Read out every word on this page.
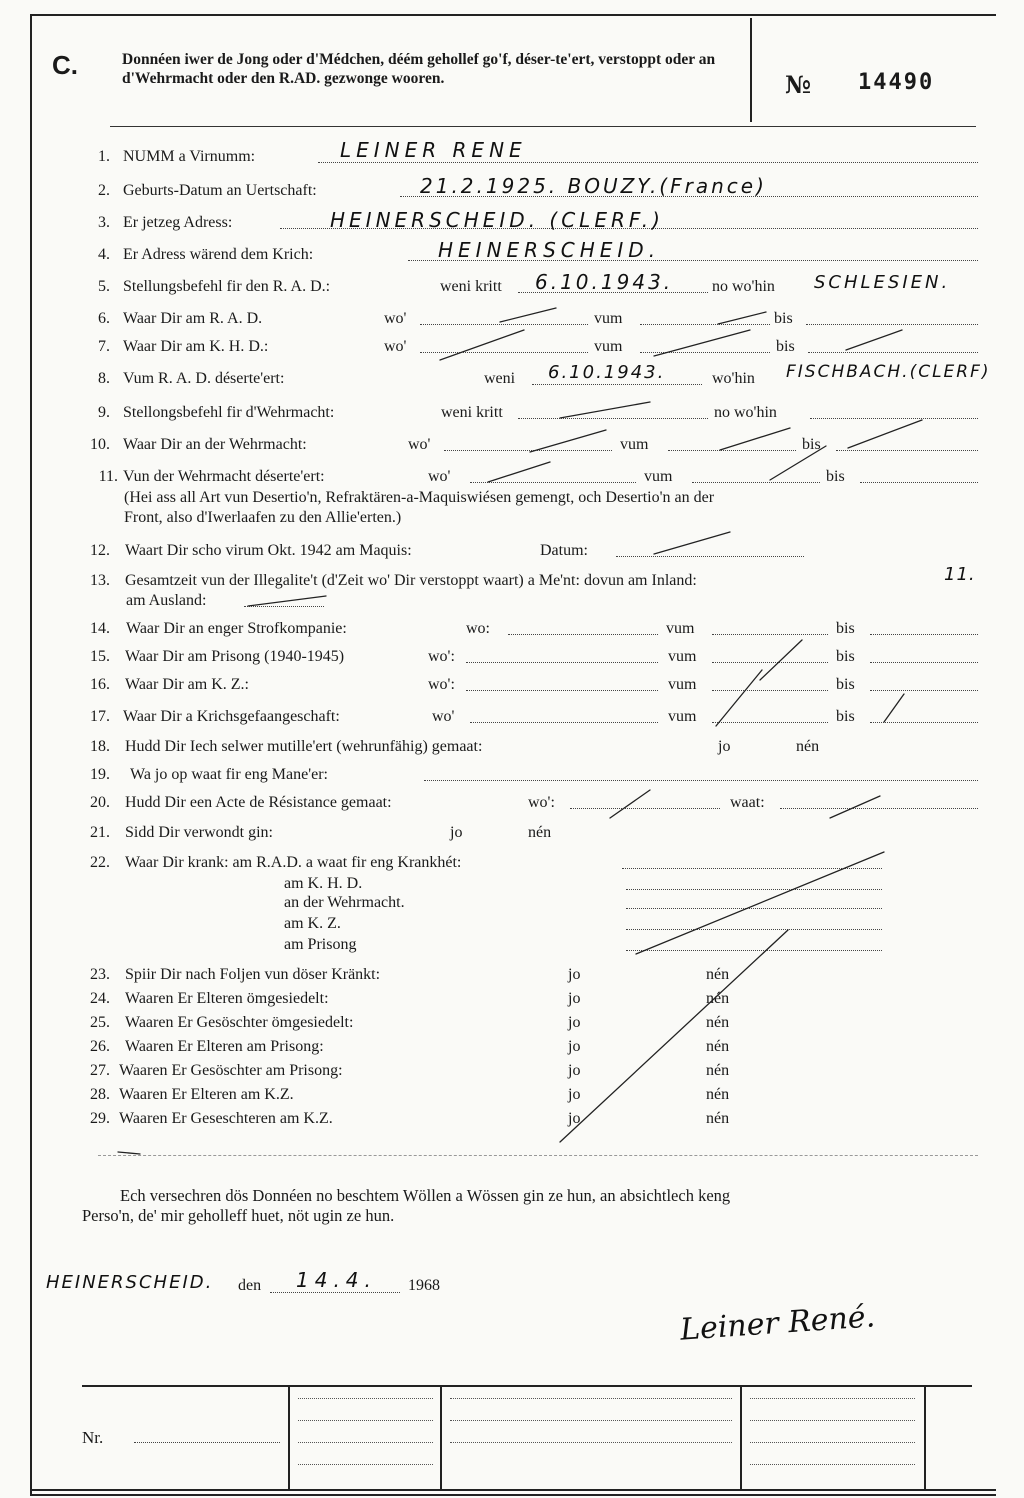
C.	Donnéen iwer de Jong oder d'Médchen, déém gehollef go'f, déser-te'ert, verstoppt oder an d'Wehrmacht oder den R.AD. gezwonge wooren.	№ 14490
1. NUMM a Virnumm:	LEINER RENE
2. Geburts-Datum an Uertschaft:	21.2.1925. BOUZY.(France)
3. Er jetzeg Adress:	HEINERSCHEID. (CLERF.)
4. Er Adress wärend dem Krich:	HEINERSCHEID.
5. Stellungsbefehl fir den R. A. D.:	weni kritt 6.10.1943. no wo'hin SCHLESIEN.
6. Waar Dir am R. A. D.	wo'	vum	bis
7. Waar Dir am K. H. D.:	wo'	vum	bis
8. Vum R. A. D. déserte'ert:	weni 6.10.1943.	wo'hin FISCHBACH.(CLERF)
9. Stellongsbefehl fir d'Wehrmacht:	weni kritt	no wo'hin
10. Waar Dir an der Wehrmacht:	wo'	vum	bis
11. Vun der Wehrmacht déserte'ert:	wo'	vum	bis
(Hei ass all Art vun Desertio'n, Refraktären-a-Maquiswiésen gemengt, och Desertio'n an der
Front, also d'Iwerlaafen zu den Allie'erten.)
12. Waart Dir scho virum Okt. 1942 am Maquis:	Datum:
13. Gesamtzeit vun der Illegalite't (d'Zeit wo' Dir verstoppt waart) a Me'nt: dovun am Inland:	11.
am Ausland:
14. Waar Dir an enger Strofkompanie:	wo:	vum	bis
15. Waar Dir am Prisong (1940-1945)	wo':	vum	bis
16. Waar Dir am K. Z.:	wo':	vum	bis
17. Waar Dir a Krichsgefaangeschaft:	wo'	vum	bis
18. Hudd Dir Iech selwer mutille'ert (wehrunfähig) gemaat:	jo	nén
19. Wa jo op waat fir eng Mane'er:
20. Hudd Dir een Acte de Résistance gemaat:	wo':	waat:
21. Sidd Dir verwondt gin:	jo	nén
22. Waar Dir krank: am R.A.D. a waat fir eng Krankhét:
am K. H. D.
an der Wehrmacht.
am K. Z.
am Prisong
23. Spiir Dir nach Foljen vun döser Kränkt:	jo	nén
24. Waaren Er Elteren ömgesiedelt:	jo	nén
25. Waaren Er Gesöschter ömgesiedelt:	jo	nén
26. Waaren Er Elteren am Prisong:	jo	nén
27. Waaren Er Gesöschter am Prisong:	jo	nén
28. Waaren Er Elteren am K.Z.	jo	nén
29. Waaren Er Geseschteren am K.Z.	jo	nén
Ech versechren dös Donnéen no beschtem Wöllen a Wössen gin ze hun, an absichtlech keng
Perso'n, de' mir geholleff huet, nöt ugin ze hun.
HEINERSCHEID. den 14.4. 1968
Leiner René.
Nr.
